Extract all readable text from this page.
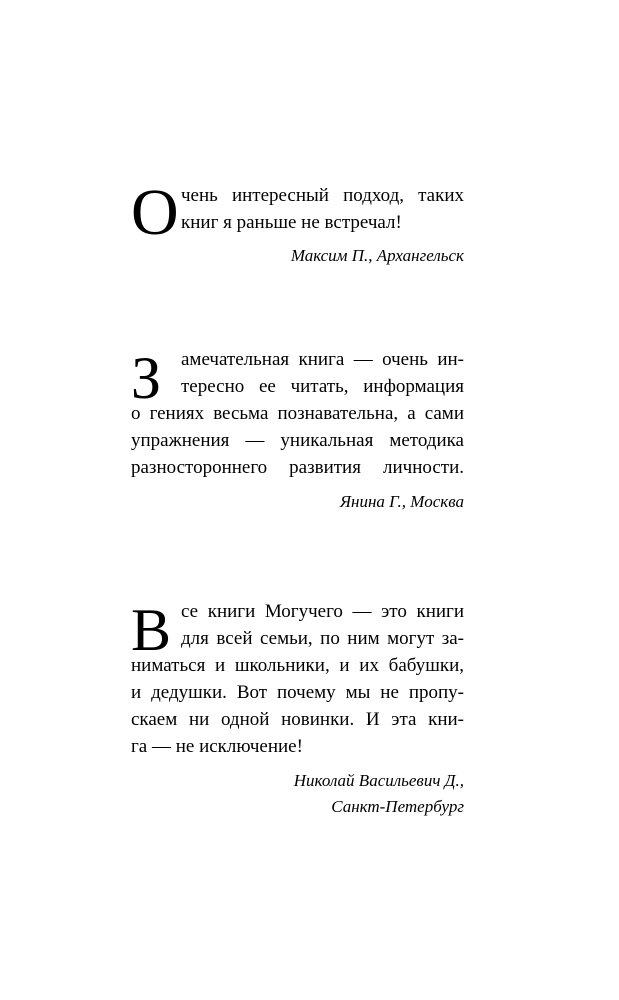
О чень интересный подход, таких
книг я раньше не встречал!
Максим П., Архангельск
З	амечательная книга — очень ин-
тересно ее читать, информация
о гениях весьма познавательна, а сами
упражнения — уникальная методика
разностороннего развития личности.
Янина Г., Москва
В се книги Могучего — это книги
для всей семьи, по ним могут за-
ниматься и школьники, и их бабушки,
и дедушки. Вот почему мы не пропу-
скаем ни одной новинки. И эта кни-
га — не исключение!
Николай Васильевич Д.,
Санкт-Петербург
